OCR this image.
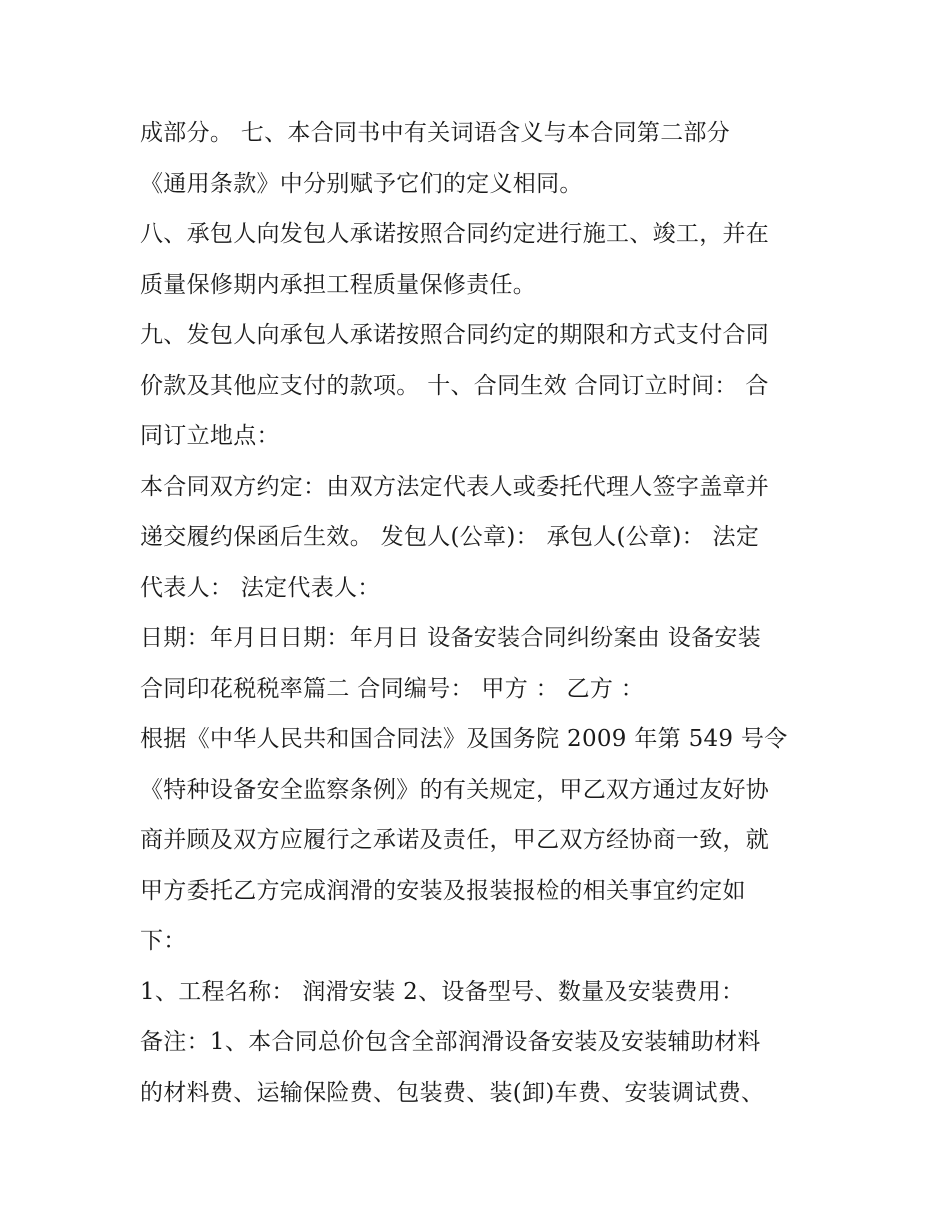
成部分。 七、本合同书中有关词语含义与本合同第二部分
《通用条款》中分别赋予它们的定义相同。
八、承包人向发包人承诺按照合同约定进行施工、竣工，并在
质量保修期内承担工程质量保修责任。
九、发包人向承包人承诺按照合同约定的期限和方式支付合同
价款及其他应支付的款项。 十、合同生效 合同订立时间： 合
同订立地点：
本合同双方约定：由双方法定代表人或委托代理人签字盖章并
递交履约保函后生效。 发包人(公章)： 承包人(公章)： 法定
代表人： 法定代表人：
日期：年月日日期：年月日 设备安装合同纠纷案由 设备安装
合同印花税税率篇二 合同编号： 甲方 ： 乙方 ：
根据《中华人民共和国合同法》及国务院 2009 年第 549 号令
《特种设备安全监察条例》的有关规定，甲乙双方通过友好协
商并顾及双方应履行之承诺及责任，甲乙双方经协商一致，就
甲方委托乙方完成润滑的安装及报装报检的相关事宜约定如
下：
1、工程名称： 润滑安装 2、设备型号、数量及安装费用：
备注：1、本合同总价包含全部润滑设备安装及安装辅助材料
的材料费、运输保险费、包装费、装(卸)车费、安装调试费、
